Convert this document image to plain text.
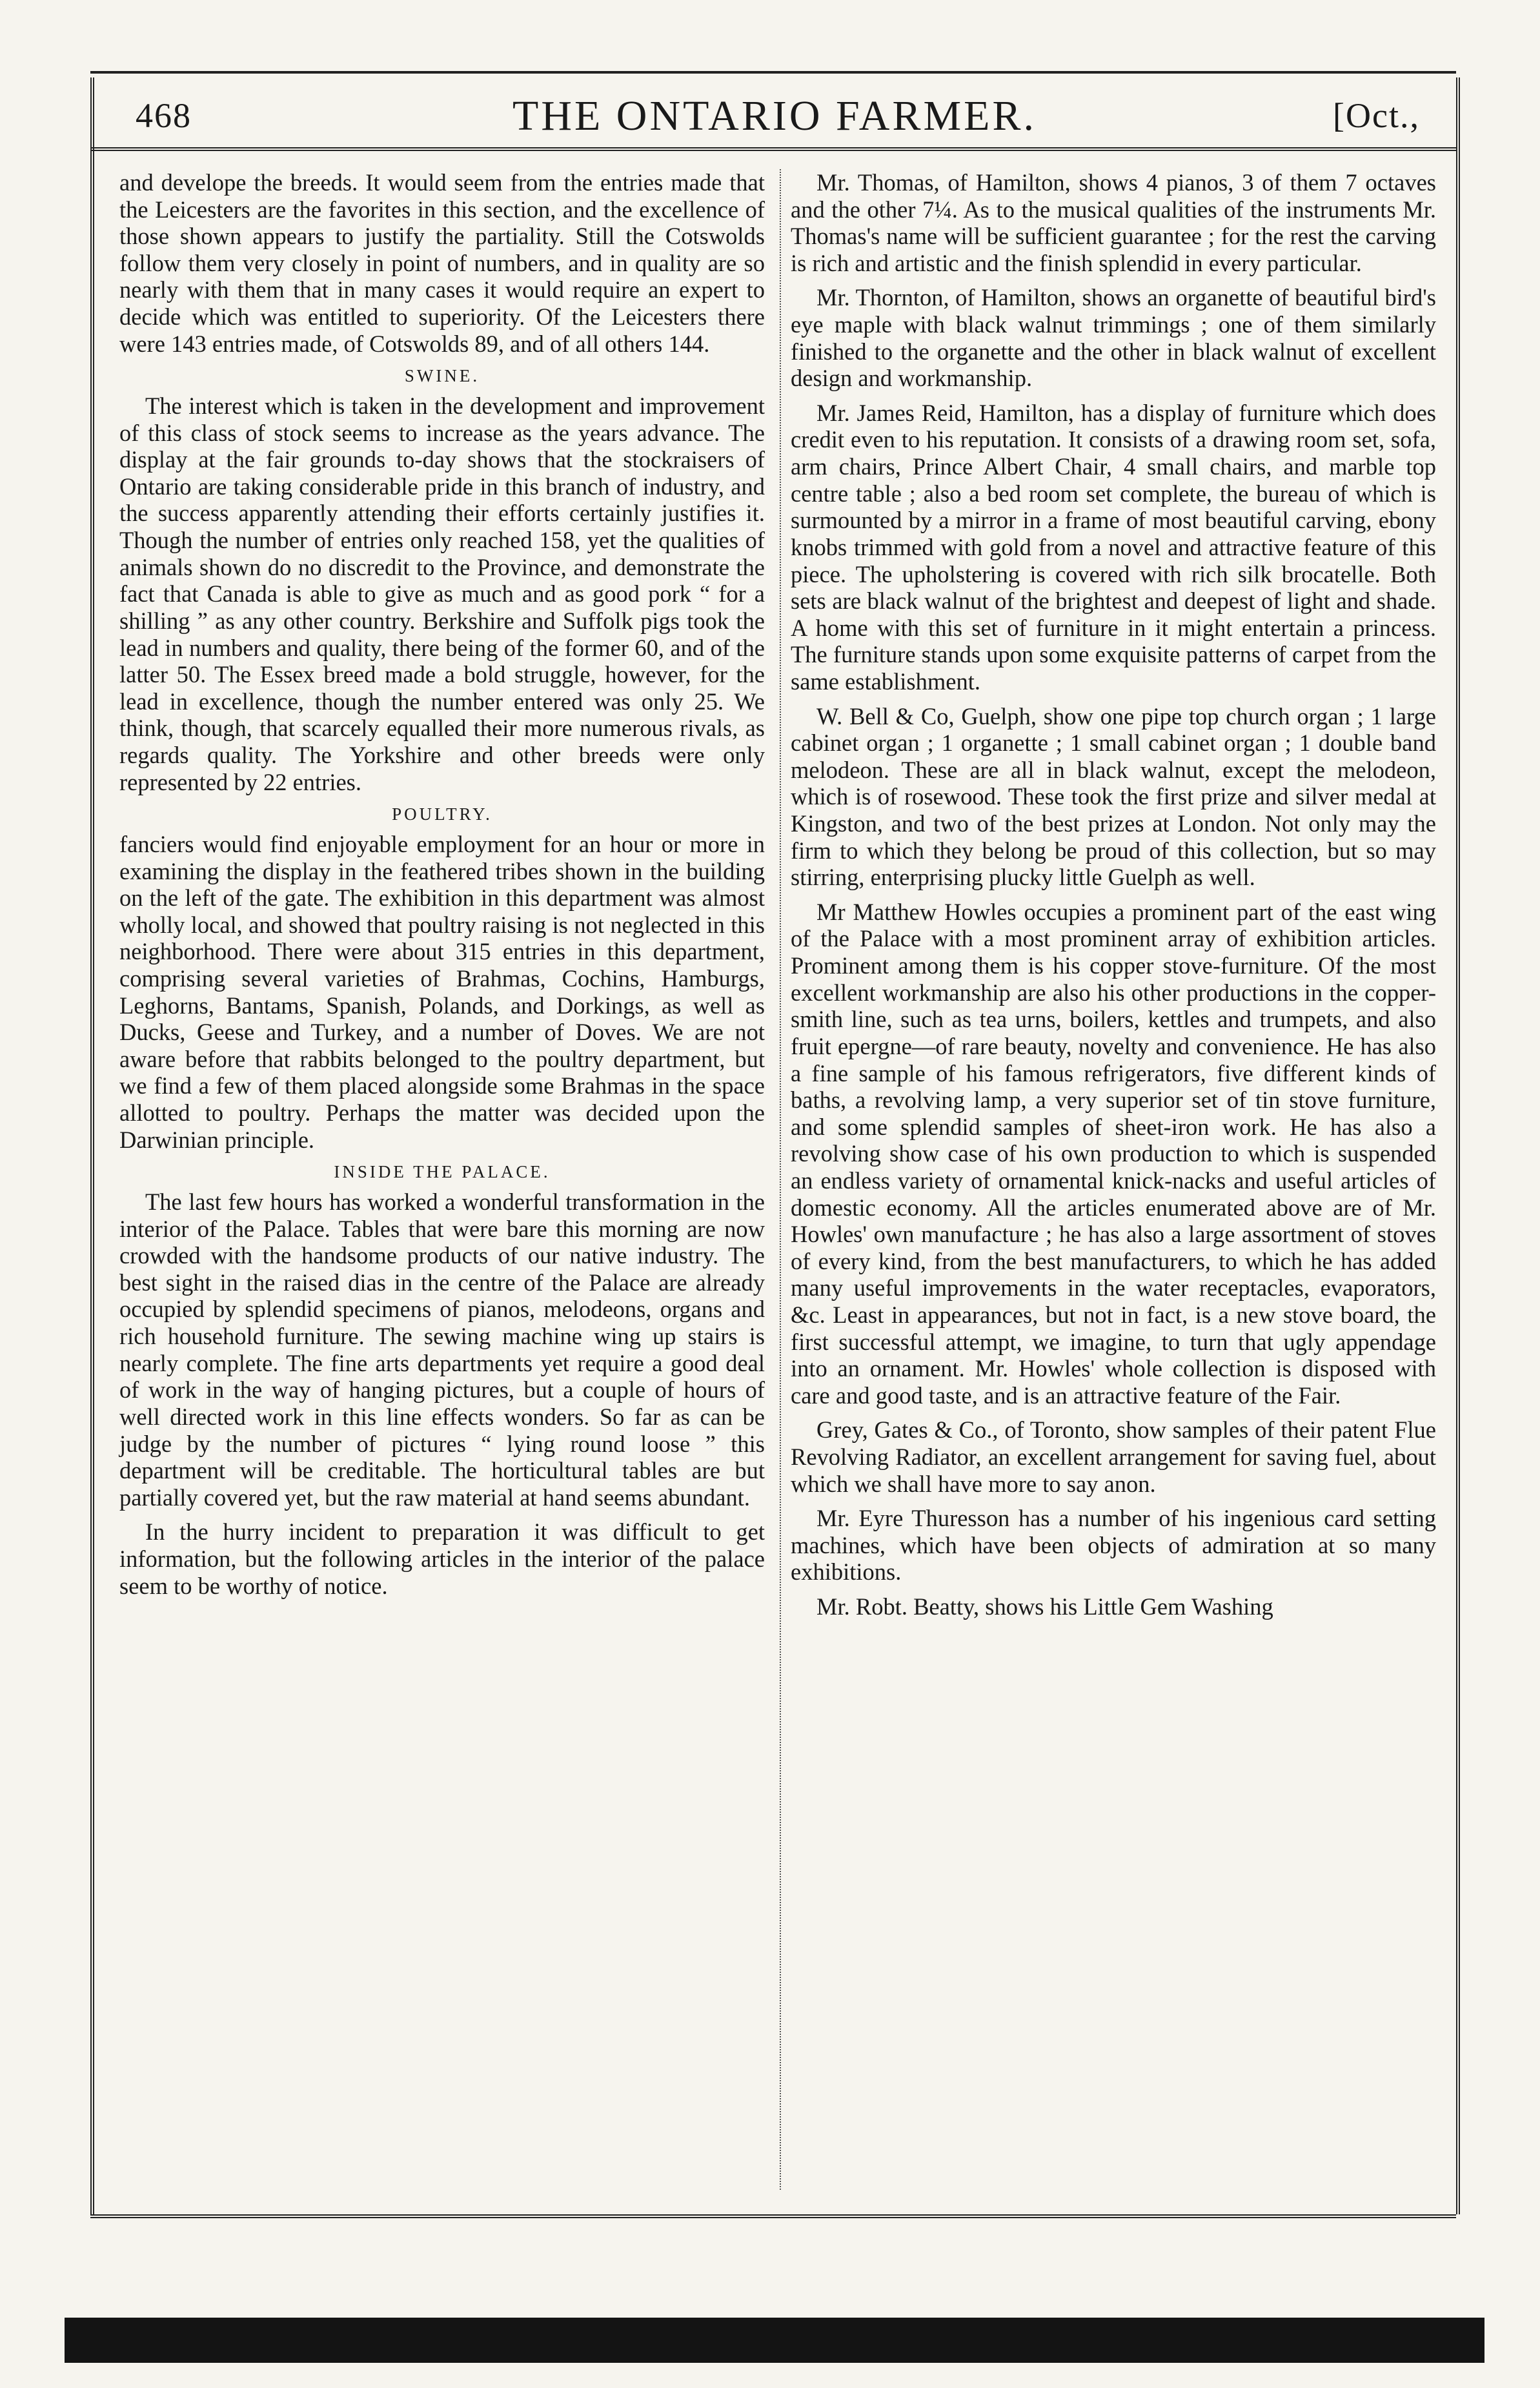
468	THE ONTARIO FARMER.	[Oct.,

and develope the breeds. It would seem from the entries made that the Leicesters are the favorites in this section, and the excellence of those shown appears to justify the partiality. Still the Cotswolds follow them very closely in point of numbers, and in quality are so nearly with them that in many cases it would require an expert to decide which was entitled to superiority. Of the Leicesters there were 143 entries made, of Cotswolds 89, and of all others 144.

SWINE.

The interest which is taken in the development and improvement of this class of stock seems to increase as the years advance. The display at the fair grounds to-day shows that the stockraisers of Ontario are taking considerable pride in this branch of industry, and the success apparently attending their efforts certainly justifies it. Though the number of entries only reached 158, yet the qualities of animals shown do no discredit to the Province, and demonstrate the fact that Canada is able to give as much and as good pork “ for a shilling ” as any other country. Berkshire and Suffolk pigs took the lead in numbers and quality, there being of the former 60, and of the latter 50. The Essex breed made a bold struggle, however, for the lead in excellence, though the number entered was only 25. We think, though, that scarcely equalled their more numerous rivals, as regards quality. The Yorkshire and other breeds were only represented by 22 entries.

POULTRY.

fanciers would find enjoyable employment for an hour or more in examining the display in the feathered tribes shown in the building on the left of the gate. The exhibition in this department was almost wholly local, and showed that poultry raising is not neglected in this neighborhood. There were about 315 entries in this department, comprising several varieties of Brahmas, Cochins, Hamburgs, Leghorns, Bantams, Spanish, Polands, and Dorkings, as well as Ducks, Geese and Turkey, and a number of Doves. We are not aware before that rabbits belonged to the poultry department, but we find a few of them placed alongside some Brahmas in the space allotted to poultry. Perhaps the matter was decided upon the Darwinian principle.

INSIDE THE PALACE.

The last few hours has worked a wonderful transformation in the interior of the Palace. Tables that were bare this morning are now crowded with the handsome products of our native industry. The best sight in the raised dias in the centre of the Palace are already occupied by splendid specimens of pianos, melodeons, organs and rich household furniture. The sewing machine wing up stairs is nearly complete. The fine arts departments yet require a good deal of work in the way of hanging pictures, but a couple of hours of well directed work in this line effects wonders. So far as can be judge by the number of pictures “ lying round loose ” this department will be creditable. The horticultural tables are but partially covered yet, but the raw material at hand seems abundant.

In the hurry incident to preparation it was difficult to get information, but the following articles in the interior of the palace seem to be worthy of notice.

Mr. Thomas, of Hamilton, shows 4 pianos, 3 of them 7 octaves and the other 7¼. As to the musical qualities of the instruments Mr. Thomas's name will be sufficient guarantee ; for the rest the carving is rich and artistic and the finish splendid in every particular.

Mr. Thornton, of Hamilton, shows an organette of beautiful bird's eye maple with black walnut trimmings ; one of them similarly finished to the organette and the other in black walnut of excellent design and workmanship.

Mr. James Reid, Hamilton, has a display of furniture which does credit even to his reputation. It consists of a drawing room set, sofa, arm chairs, Prince Albert Chair, 4 small chairs, and marble top centre table ; also a bed room set complete, the bureau of which is surmounted by a mirror in a frame of most beautiful carving, ebony knobs trimmed with gold from a novel and attractive feature of this piece. The upholstering is covered with rich silk brocatelle. Both sets are black walnut of the brightest and deepest of light and shade. A home with this set of furniture in it might entertain a princess. The furniture stands upon some exquisite patterns of carpet from the same establishment.

W. Bell & Co, Guelph, show one pipe top church organ ; 1 large cabinet organ ; 1 organette ; 1 small cabinet organ ; 1 double band melodeon. These are all in black walnut, except the melodeon, which is of rosewood. These took the first prize and silver medal at Kingston, and two of the best prizes at London. Not only may the firm to which they belong be proud of this collection, but so may stirring, enterprising plucky little Guelph as well.

Mr Matthew Howles occupies a prominent part of the east wing of the Palace with a most prominent array of exhibition articles. Prominent among them is his copper stove-furniture. Of the most excellent workmanship are also his other productions in the copper-smith line, such as tea urns, boilers, kettles and trumpets, and also fruit epergne—of rare beauty, novelty and convenience. He has also a fine sample of his famous refrigerators, five different kinds of baths, a revolving lamp, a very superior set of tin stove furniture, and some splendid samples of sheet-iron work. He has also a revolving show case of his own production to which is suspended an endless variety of ornamental knick-nacks and useful articles of domestic economy. All the articles enumerated above are of Mr. Howles' own manufacture ; he has also a large assortment of stoves of every kind, from the best manufacturers, to which he has added many useful improvements in the water receptacles, evaporators, &c. Least in appearances, but not in fact, is a new stove board, the first successful attempt, we imagine, to turn that ugly appendage into an ornament. Mr. Howles' whole collection is disposed with care and good taste, and is an attractive feature of the Fair.

Grey, Gates & Co., of Toronto, show samples of their patent Flue Revolving Radiator, an excellent arrangement for saving fuel, about which we shall have more to say anon.

Mr. Eyre Thuresson has a number of his ingenious card setting machines, which have been objects of admiration at so many exhibitions.

Mr. Robt. Beatty, shows his Little Gem Washing
